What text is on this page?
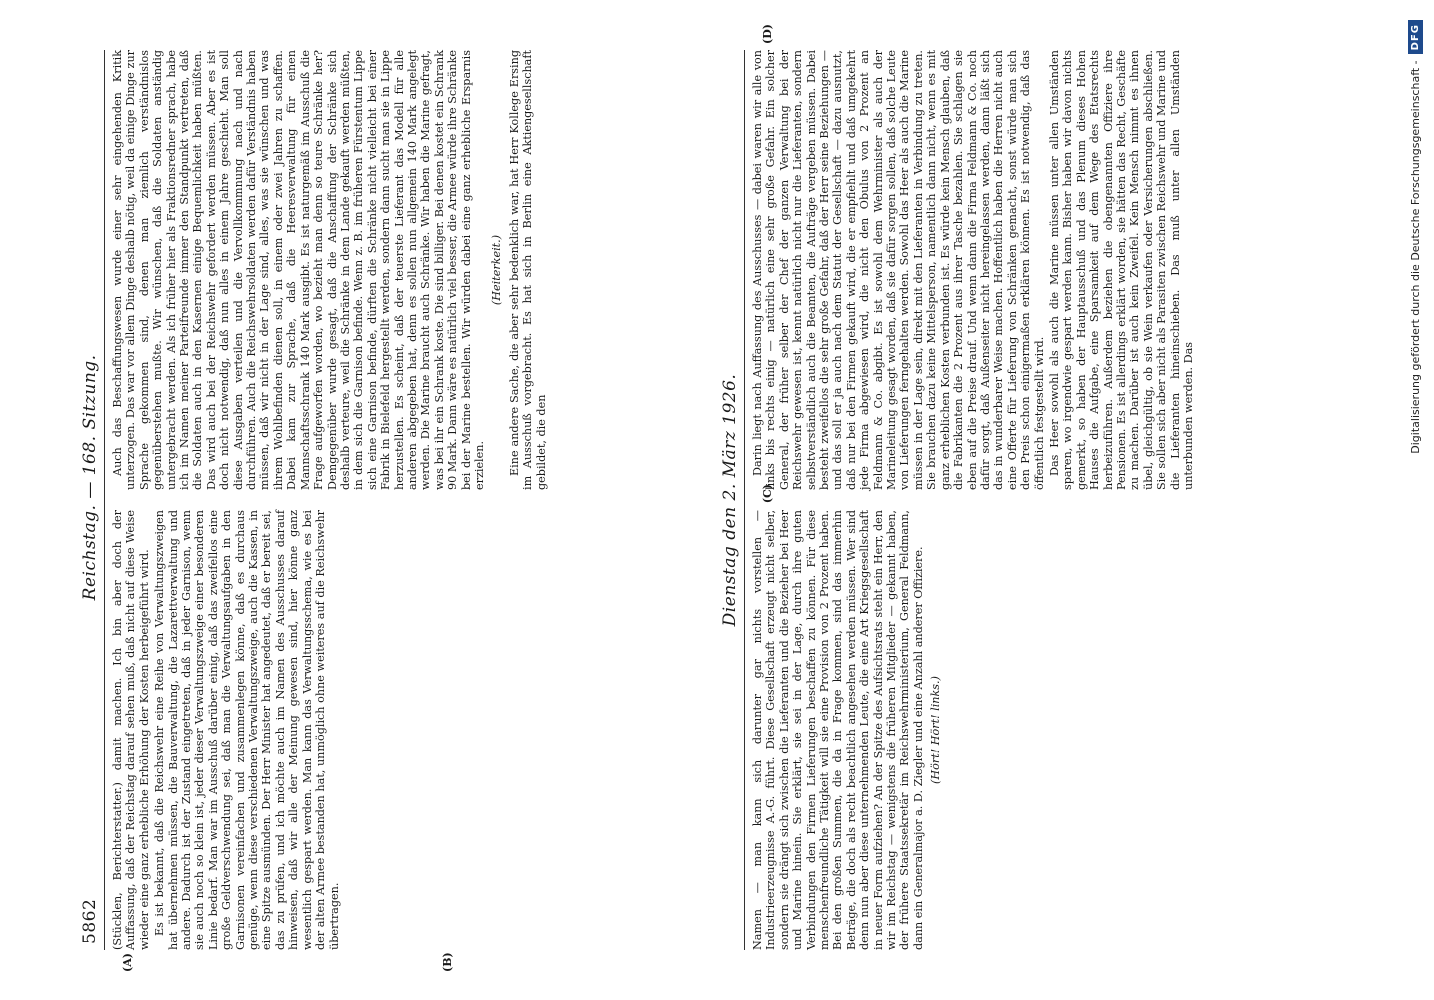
5862
Reichstag. — 168. Sitzung.
(A)	(B)

(Stücklen, Berichterstatter.) damit machen. Ich bin aber doch der Auffassung, daß der Reichstag darauf sehen muß, daß nicht auf diese Weise wieder eine ganz erhebliche Erhöhung der Kosten herbeigeführt wird. Es ist bekannt, daß die Reichswehr eine Reihe von Verwaltungszweigen hat übernehmen müssen, die Bauverwaltung, die Lazarettverwaltung und andere. Dadurch ist der Zustand eingetreten, daß in jeder Garnison, wenn sie auch noch so klein ist, jeder dieser Verwaltungszweige einer besonderen Linie bedarf. Man war im Ausschuß darüber einig, daß das zweifellos eine große Geldverschwendung sei, daß man die Verwaltungsaufgaben in den Garnisonen vereinfachen und zusammenlegen könne, daß es durchaus genüge, wenn diese verschiedenen Verwaltungszweige, auch die Kassen, in eine Spitze ausmünden. Der Herr Minister hat angedeutet, daß er bereit sei, das zu prüfen, und ich möchte auch im Namen des Ausschusses darauf hinweisen, daß wir alle der Meinung gewesen sind, hier könne ganz wesentlich gespart werden. Man kann das Verwaltungsschema, wie es bei der alten Armee bestanden hat, unmöglich ohne weiteres auf die Reichswehr übertragen.

Auch das Beschaffungswesen wurde einer sehr eingehenden Kritik unterzogen. Das war vor allem Dinge deshalb nötig, weil da einige Dinge zur Sprache gekommen sind, denen man ziemlich verständnislos gegenüberstehen mußte. Wir wünschen, daß die Soldaten anständig untergebracht werden. Als ich früher hier als Fraktionsredner sprach, habe ich im Namen meiner Parteifreunde immer den Standpunkt vertreten, daß die Soldaten auch in den Kasernen einige Bequemlichkeit haben müßten. Das wird auch bei der Reichswehr gefordert werden müssen. Aber es ist doch nicht notwendig, daß nun alles in einem Jahre geschieht. Man soll diese Ausgaben verteilen und die Vervollkommnung nach und nach durchführen. Auch die Reichswehrsoldaten werden dafür Verständnis haben müssen, daß wir nicht in der Lage sind, alles, was sie wünschen und was ihrem Wohlbefinden dienen soll, in einem oder zwei Jahren zu schaffen. Dabei kam zur Sprache, daß die Heeresverwaltung für einen Mannschaftsschrank 140 Mark ausgibt. Es ist naturgemäß im Ausschuß die Frage aufgeworfen worden, wo bezieht man denn so teure Schränke her? Demgegenüber wurde gesagt, daß die Anschaffung der Schränke sich deshalb verteure, weil die Schränke in dem Lande gekauft werden müßten, in dem sich die Garnison befinde. Wenn z. B. im früheren Fürstentum Lippe sich eine Garnison befinde, dürften die Schränke nicht vielleicht bei einer Fabrik in Bielefeld hergestellt werden, sondern dann sucht man sie in Lippe herzustellen. Es scheint, daß der teuerste Lieferant das Modell für alle anderen abgegeben hat, denn es sollen nun allgemein 140 Mark angelegt werden. Die Marine braucht auch Schränke. Wir haben die Marine gefragt, was bei ihr ein Schrank koste. Die sind billiger. Bei denen kostet ein Schrank 90 Mark. Dann wäre es natürlich viel besser, die Armee würde ihre Schränke bei der Marine bestellen. Wir würden dabei eine ganz erhebliche Ersparnis erzielen.

(Heiterkeit.) Eine andere Sache, die aber sehr bedenklich war, hat Herr Kollege Ersing im Ausschuß vorgebracht. Es hat sich in Berlin eine Aktiengesellschaft gebildet, die den	Dienstag den 2. März 1926. (C)

Namen — man kann sich darunter gar nichts vorstellen — Industrieerzeugnisse A.-G. führt. Diese Gesellschaft erzeugt nicht selber, sondern sie drängt sich zwischen die Lieferanten und die Bezieher bei Heer und Marine hinein. Sie erklärt, sie sei in der Lage, durch ihre guten Verbindungen den Firmen Lieferungen beschaffen zu können. Für diese menschenfreundliche Tätigkeit will sie eine Provision von 2 Prozent haben. Bei den großen Summen, die da in Frage kommen, sind das immerhin Beträge, die doch als recht beachtlich angesehen werden müssen. Wer sind denn nun aber diese unternehmenden Leute, die eine Art Kriegsgesellschaft in neuer Form aufziehen? An der Spitze des Aufsichtsrats steht ein Herr, den wir im Reichstag — wenigstens die früheren Mitglieder — gekannt haben, der frühere Staatssekretär im Reichswehrministerium, General Feldmann, dann ein Generalmajor a. D. Ziegler und eine Anzahl anderer Offiziere. (Hört! Hört! links.)

(D)

Darin liegt nach Auffassung des Ausschusses — dabei waren wir alle von links bis rechts einig — natürlich eine sehr große Gefahr. Ein solcher General, der früher selber der Chef der ganzen Verwaltung bei der Reichswehr gewesen ist, kennt natürlich nicht nur die Lieferanten, sondern selbstverständlich auch die Beamten, die Aufträge vergeben müssen. Dabei besteht zweifellos die sehr große Gefahr, daß der Herr seine Beziehungen — und das soll er ja auch nach dem Statut der Gesellschaft — dazu ausnutzt, daß nur bei den Firmen gekauft wird, die er empfiehlt und daß umgekehrt jede Firma abgewiesen wird, die nicht den Obulus von 2 Prozent an Feldmann & Co. abgibt. Es ist sowohl dem Wehrminister als auch der Marineleitung gesagt worden, daß sie dafür sorgen sollen, daß solche Leute von Lieferungen ferngehalten werden. Sowohl das Heer als auch die Marine müssen in der Lage sein, direkt mit den Lieferanten in Verbindung zu treten. Sie brauchen dazu keine Mittelsperson, namentlich dann nicht, wenn es mit ganz erheblichen Kosten verbunden ist. Es würde kein Mensch glauben, daß die Fabrikanten die 2 Prozent aus ihrer Tasche bezahlen. Sie schlagen sie eben auf die Preise drauf. Und wenn dann die Firma Feldmann & Co. noch dafür sorgt, daß Außenseiter nicht hereingelassen werden, dann läßt sich das in wunderbarer Weise machen. Hoffentlich haben die Herren nicht auch eine Offerte für Lieferung von Schränken gemacht, sonst würde man sich den Preis schon einigermaßen erklären können. Es ist notwendig, daß das öffentlich festgestellt wird. Das Heer sowohl als auch die Marine müssen unter allen Umständen sparen, wo irgendwie gespart werden kann. Bisher haben wir davon nichts gemerkt, so haben der Hauptausschuß und das Plenum dieses Hohen Hauses die Aufgabe, eine Sparsamkeit auf dem Wege des Etatsrechts herbeizuführen. Außerdem beziehen die obengenannten Offiziere ihre Pensionen. Es ist allerdings erklärt worden, sie hätten das Recht, Geschäfte zu machen. Darüber ist auch kein Zweifel. Kein Mensch nimmt es ihnen übel, gleichgültig, ob sie Wein verkaufen oder Versicherungen abschließen. Sie sollen sich aber nicht als Parasiten zwischen Reichswehr und Marine und die Lieferanten hineinschieben. Das muß unter allen Umständen unterbunden werden. Das	Digitalisierung gefördert durch die Deutsche Forschungsgemeinschaft -
DFG
